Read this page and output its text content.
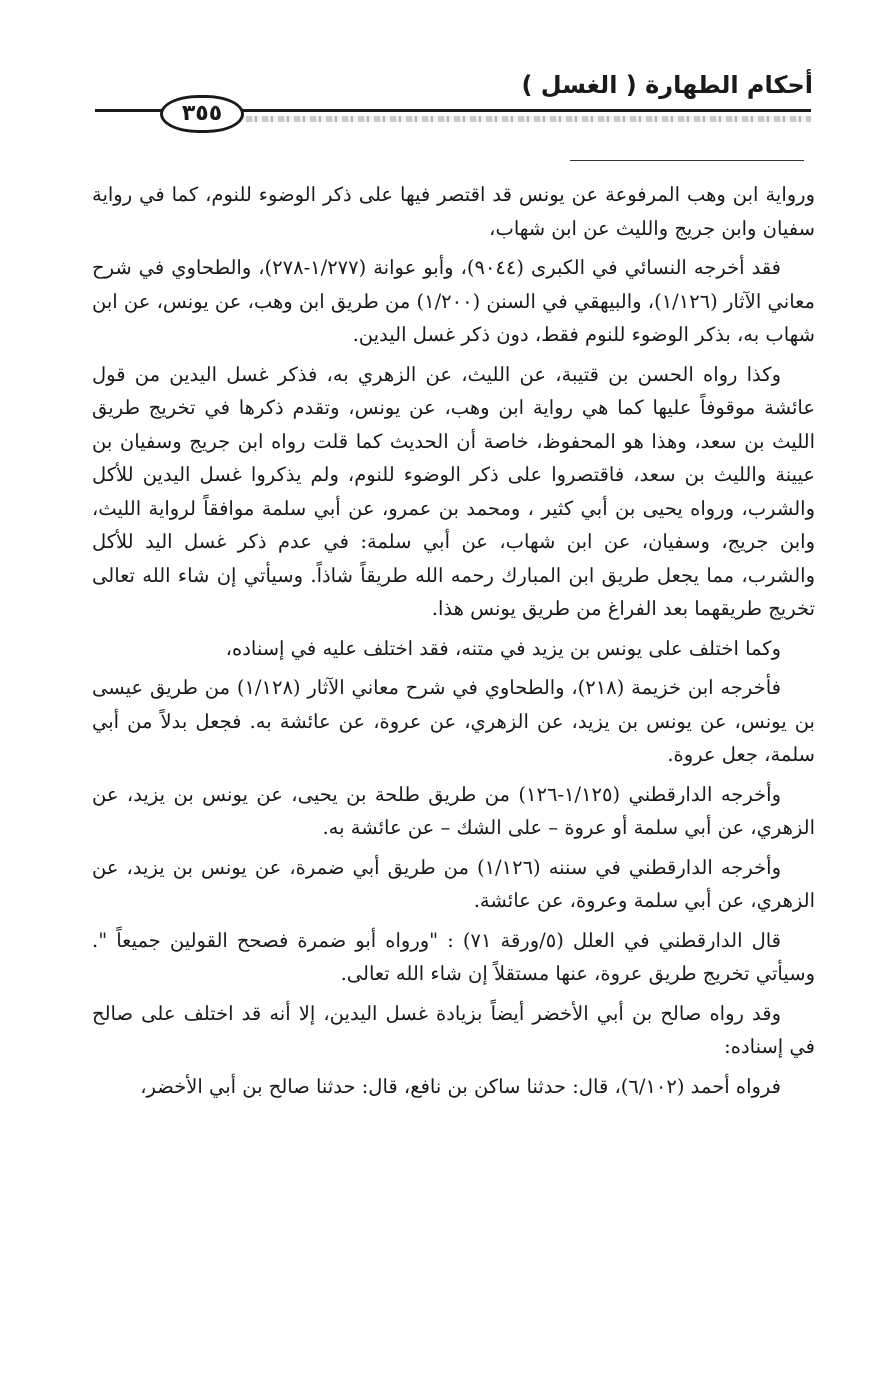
أحكام الطهارة ( الغسل )
٣٥٥

ورواية ابن وهب المرفوعة عن يونس قد اقتصر فيها على ذكر الوضوء للنوم، كما في رواية سفيان وابن جريج والليث عن ابن شهاب،

فقد أخرجه النسائي في الكبرى (٩٠٤٤)، وأبو عوانة (١/٢٧٧-٢٧٨)، والطحاوي في شرح معاني الآثار (١/١٢٦)، والبيهقي في السنن (١/٢٠٠) من طريق ابن وهب، عن يونس، عن ابن شهاب به، بذكر الوضوء للنوم فقط، دون ذكر غسل اليدين.

وكذا رواه الحسن بن قتيبة، عن الليث، عن الزهري به، فذكر غسل اليدين من قول عائشة موقوفاً عليها كما هي رواية ابن وهب، عن يونس، وتقدم ذكرها في تخريج طريق الليث بن سعد، وهذا هو المحفوظ، خاصة أن الحديث كما قلت رواه ابن جريج وسفيان بن عيينة والليث بن سعد، فاقتصروا على ذكر الوضوء للنوم، ولم يذكروا غسل اليدين للأكل والشرب، ورواه يحيى بن أبي كثير ، ومحمد بن عمرو، عن أبي سلمة موافقاً لرواية الليث، وابن جريج، وسفيان، عن ابن شهاب، عن أبي سلمة: في عدم ذكر غسل اليد للأكل والشرب، مما يجعل طريق ابن المبارك رحمه الله طريقاً شاذاً. وسيأتي إن شاء الله تعالى تخريج طريقهما بعد الفراغ من طريق يونس هذا.

وكما اختلف على يونس بن يزيد في متنه، فقد اختلف عليه في إسناده،

فأخرجه ابن خزيمة (٢١٨)، والطحاوي في شرح معاني الآثار (١/١٢٨) من طريق عيسى بن يونس، عن يونس بن يزيد، عن الزهري، عن عروة، عن عائشة به. فجعل بدلاً من أبي سلمة، جعل عروة.

وأخرجه الدارقطني (١/١٢٥-١٢٦) من طريق طلحة بن يحيى، عن يونس بن يزيد، عن الزهري، عن أبي سلمة أو عروة – على الشك – عن عائشة به.

وأخرجه الدارقطني في سننه (١/١٢٦) من طريق أبي ضمرة، عن يونس بن يزيد، عن الزهري، عن أبي سلمة وعروة، عن عائشة.

قال الدارقطني في العلل (٥/ورقة ٧١) : "ورواه أبو ضمرة فصحح القولين جميعاً ". وسيأتي تخريج طريق عروة، عنها مستقلاً إن شاء الله تعالى.

وقد رواه صالح بن أبي الأخضر أيضاً بزيادة غسل اليدين، إلا أنه قد اختلف على صالح في إسناده:

فرواه أحمد (٦/١٠٢)، قال: حدثنا ساكن بن نافع، قال: حدثنا صالح بن أبي الأخضر،
